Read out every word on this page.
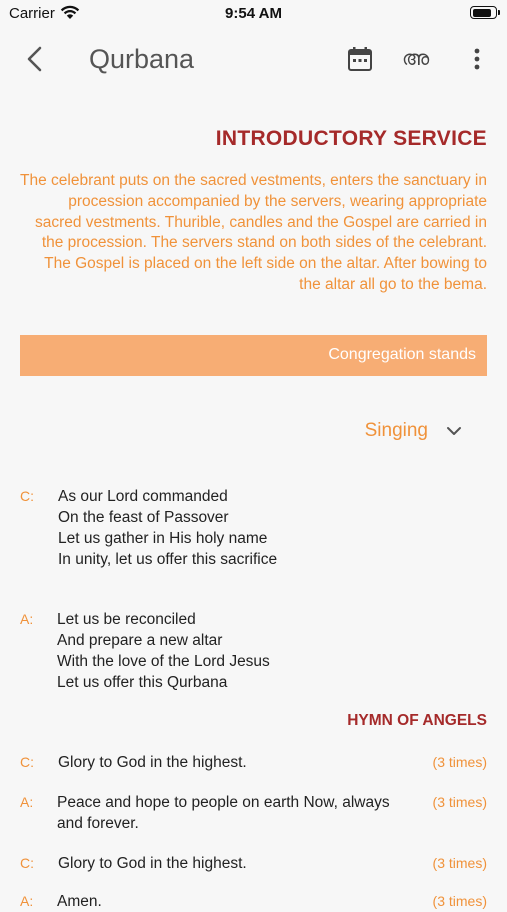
Carrier	9:54 AM
Qurbana	അ
INTRODUCTORY SERVICE
The celebrant puts on the sacred vestments, enters the sanctuary in procession accompanied by the servers, wearing appropriate sacred vestments. Thurible, candles and the Gospel are carried in the procession. The servers stand on both sides of the celebrant. The Gospel is placed on the left side on the altar. After bowing to the altar all go to the bema.
Congregation stands
Singing
C: As our Lord commanded
On the feast of Passover
Let us gather in His holy name
In unity, let us offer this sacrifice
A: Let us be reconciled
And prepare a new altar
With the love of the Lord Jesus
Let us offer this Qurbana
HYMN OF ANGELS
C: Glory to God in the highest.	(3 times)
A: Peace and hope to people on earth Now, always and forever.
(3 times)
C: Glory to God in the highest.	(3 times)
A: Amen.	(3 times)
